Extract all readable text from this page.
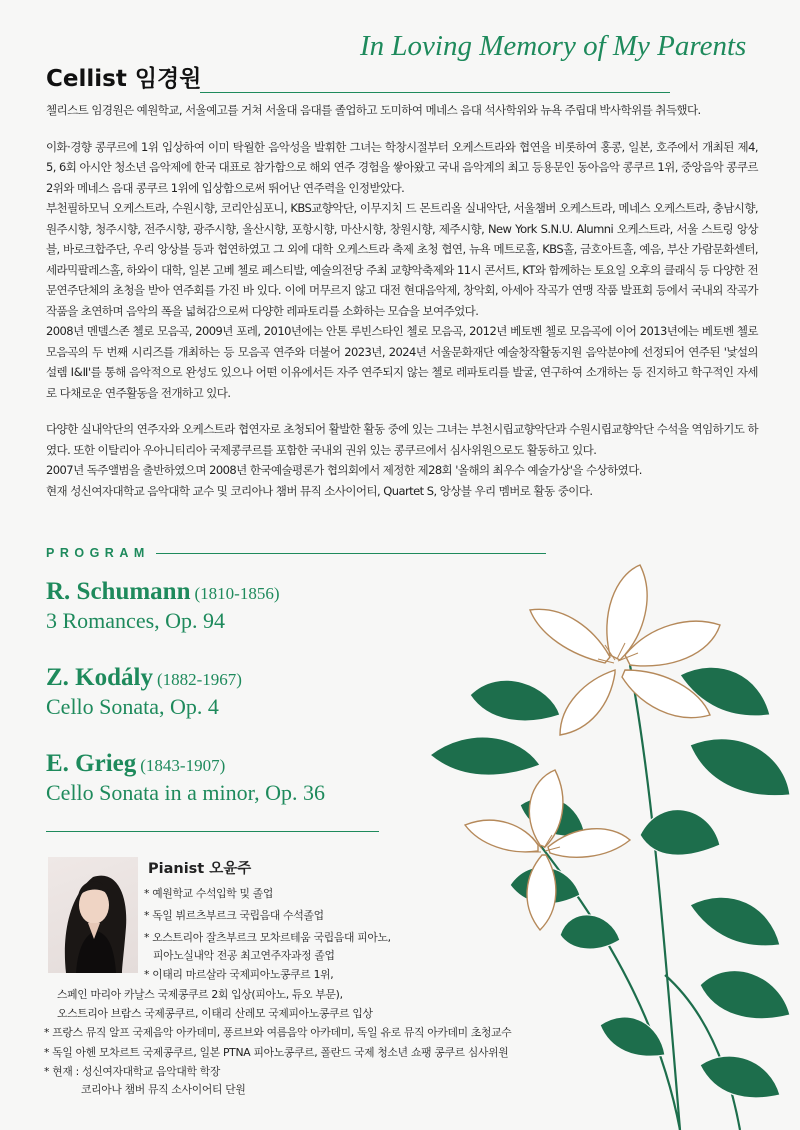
In Loving Memory of My Parents
Cellist 임경원

첼리스트 임경원은 예원학교, 서울예고를 거쳐 서울대 음대를 졸업하고 도미하여 메네스 음대 석사학위와 뉴욕 주립대 박사학위를 취득했다.

이화·경향 콩쿠르에 1위 입상하여 이미 탁월한 음악성을 발휘한 그녀는 학창시절부터 오케스트라와 협연을 비롯하여 홍콩, 일본, 호주에서 개최된 제4, 5, 6회 아시안 청소년 음악제에 한국 대표로 참가함으로 해외 연주 경험을 쌓아왔고 국내 음악계의 최고 등용문인 동아음악 콩쿠르 1위, 중앙음악 콩쿠르 2위와 메네스 음대 콩쿠르 1위에 입상함으로써 뛰어난 연주력을 인정받았다.

부천필하모닉 오케스트라, 수원시향, 코리안심포니, KBS교향악단, 이무지치 드 몬트리올 실내악단, 서울챔버 오케스트라, 메네스 오케스트라, 충남시향, 원주시향, 청주시향, 전주시향, 광주시향, 울산시향, 포항시향, 마산시향, 창원시향, 제주시향, New York S.N.U. Alumni 오케스트라, 서울 스트링 앙상블, 바로크합주단, 우리 앙상블 등과 협연하였고 그 외에 대학 오케스트라 축제 초청 협연, 뉴욕 메트로홀, KBS홀, 금호아트홀, 예음, 부산 가람문화센터, 세라믹팔레스홀, 하와이 대학, 일본 고베 첼로 페스티발, 예술의전당 주최 교향악축제와 11시 콘서트, KT와 함께하는 토요일 오후의 클래식 등 다양한 전문연주단체의 초청을 받아 연주회를 가진 바 있다. 이에 머무르지 않고 대전 현대음악제, 창악회, 아세아 작곡가 연맹 작품 발표회 등에서 국내외 작곡가 작품을 초연하며 음악의 폭을 넓혀감으로써 다양한 레파토리를 소화하는 모습을 보여주었다.

2008년 멘델스존 첼로 모음곡, 2009년 포레, 2010년에는 안톤 루빈스타인 첼로 모음곡, 2012년 베토벤 첼로 모음곡에 이어 2013년에는 베토벤 첼로 모음곡의 두 번째 시리즈를 개최하는 등 모음곡 연주와 더불어 2023년, 2024년 서울문화재단 예술창작활동지원 음악분야에 선정되어 연주된 '낯설의 설렘 Ⅰ&Ⅱ'를 통해 음악적으로 완성도 있으나 어떤 이유에서든 자주 연주되지 않는 첼로 레파토리를 발굴, 연구하여 소개하는 등 진지하고 학구적인 자세로 다채로운 연주활동을 전개하고 있다.

다양한 실내악단의 연주자와 오케스트라 협연자로 초청되어 활발한 활동 중에 있는 그녀는 부천시립교향악단과 수원시립교향악단 수석을 역임하기도 하였다. 또한 이탈리아 우아니티리아 국제콩쿠르를 포함한 국내외 권위 있는 콩쿠르에서 심사위원으로도 활동하고 있다.

2007년 독주앨범을 출반하였으며 2008년 한국예술평론가 협의회에서 제정한 제28회 '올해의 최우수 예술가상'을 수상하였다.

현재 성신여자대학교 음악대학 교수 및 코리아나 챔버 뮤직 소사이어티, Quartet S, 앙상블 우리 멤버로 활동 중이다.

PROGRAM
R. Schumann (1810-1856)
3 Romances, Op. 94
Z. Kodály (1882-1967)
Cello Sonata, Op. 4
E. Grieg (1843-1907)
Cello Sonata in a minor, Op. 36
Pianist 오윤주
* 예원학교 수석입학 및 졸업
* 독일 뷔르츠부르크 국립음대 수석졸업
* 오스트리아 잘츠부르크 모차르테움 국립음대 피아노,
피아노실내악 전공 최고연주자과정 졸업
* 이태리 마르살라 국제피아노콩쿠르 1위,
스페인 마리아 카날스 국제콩쿠르 2회 입상(피아노, 듀오 부문),
오스트리아 브람스 국제콩쿠르, 이태리 산레모 국제피아노콩쿠르 입상
* 프랑스 뮤직 알프 국제음악 아카데미, 퐁르브와 여름음악 아카데미, 독일 유로 뮤직 아카데미 초청교수
* 독일 아헨 모차르트 국제콩쿠르, 일본 PTNA 피아노콩쿠르, 폴란드 국제 청소년 쇼팽 콩쿠르 심사위원
* 현재 : 성신여자대학교 음악대학 학장
코리아나 챔버 뮤직 소사이어티 단원
